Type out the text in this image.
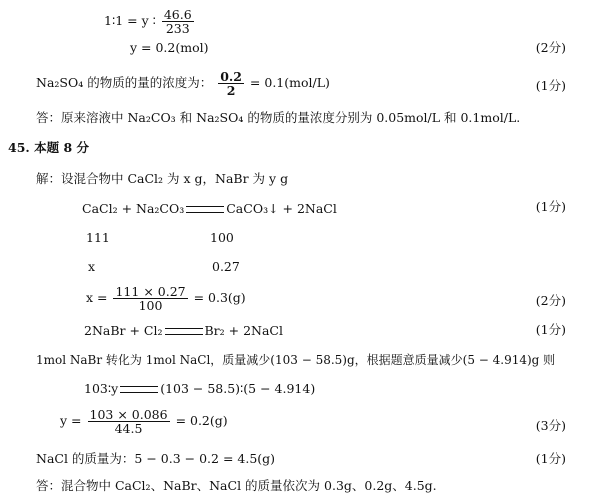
1∶1 = y ∶ $\frac{46.6}{233}$
y = 0.2(mol)	(2分)
Na₂SO₄ 的物质的量的浓度为： $\frac{0.2}{2} = 0.1(mol/L)$	(1分)
答：原来溶液中 Na₂CO₃ 和 Na₂SO₄ 的物质的量浓度分别为 0.05mol/L 和 0.1mol/L.
45. 本题 8 分
解：设混合物中 CaCl₂ 为 x g，NaBr 为 y g
CaCl₂ + Na₂CO₃	CaCO₃↓ + 2NaCl	(1分)
111	100
x	0.27
$x = \frac{111 \times 0.27}{100} = 0.3(g)$	(2分)
2NaBr + Cl₂	Br₂ + 2NaCl	(1分)
1mol NaBr 转化为 1mol NaCl，质量减少(103 − 58.5)g，根据题意质量减少(5 − 4.914)g 则
103∶y	(103 − 58.5)∶(5 − 4.914)
$y = \frac{103 \times 0.086}{44.5} = 0.2(g)$	(3分)
NaCl 的质量为：5 − 0.3 − 0.2 = 4.5(g)	(1分)
答：混合物中 CaCl₂、NaBr、NaCl 的质量依次为 0.3g、0.2g、4.5g.
